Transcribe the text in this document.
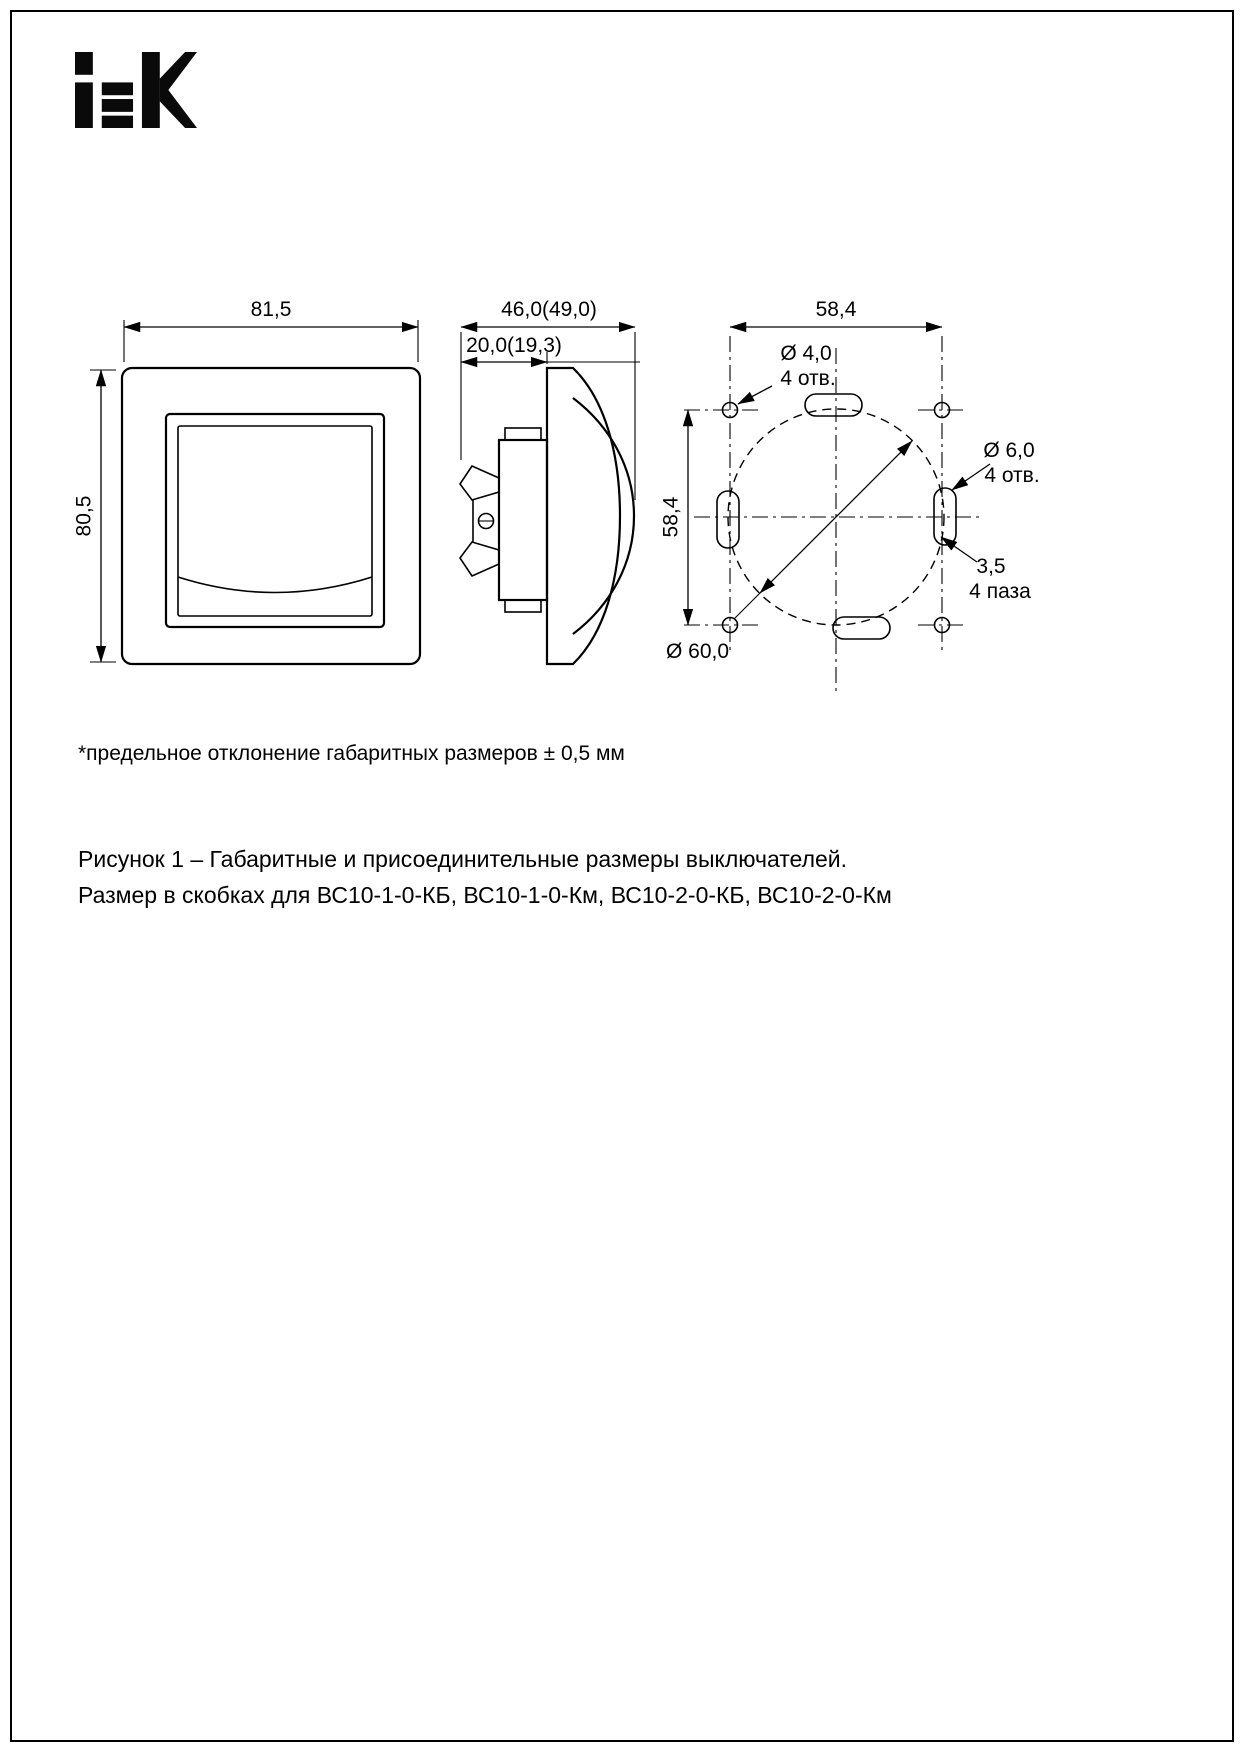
81,5
80,5
46,0(49,0)
20,0(19,3)
58,4
58,4
Ø 4,0
4 отв.
Ø 6,0
4 отв.
3,5
4 паза
Ø 60,0
*предельное отклонение габаритных размеров ± 0,5 мм
Рисунок 1 – Габаритные и присоединительные размеры выключателей.
Размер в скобках для ВС10-1-0-КБ, ВС10-1-0-Км, ВС10-2-0-КБ, ВС10-2-0-Км
